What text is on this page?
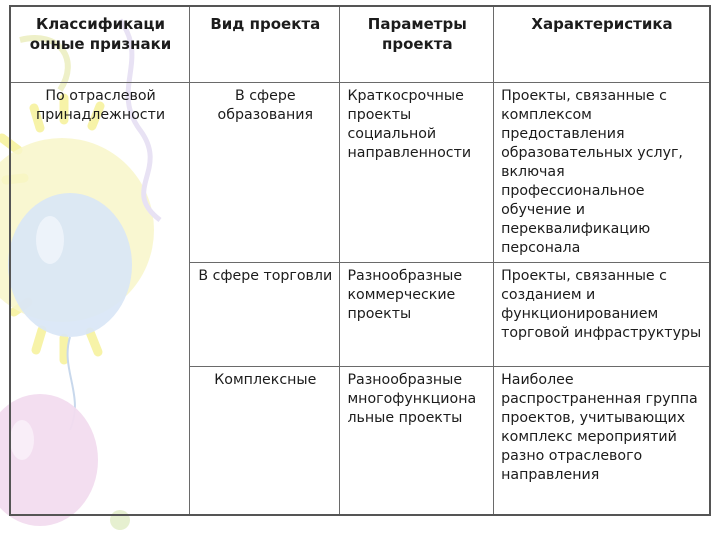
Классификаци онные признаки	Вид проекта	Параметры проекта	Характеристика
По отраслевой принадлежности	В сфере образования	Краткосрочные проекты социальной направленности	Проекты, связанные с комплексом предоставления образовательных услуг, включая профессиональное обучение и переквалификацию персонала
	В сфере торговли	Разнообразные коммерческие проекты	Проекты, связанные с созданием и функционированием торговой инфраструктуры
	Комплексные	Разнообразные многофункциона льные проекты	Наиболее распространенная группа проектов, учитывающих комплекс мероприятий разно отраслевого направления
